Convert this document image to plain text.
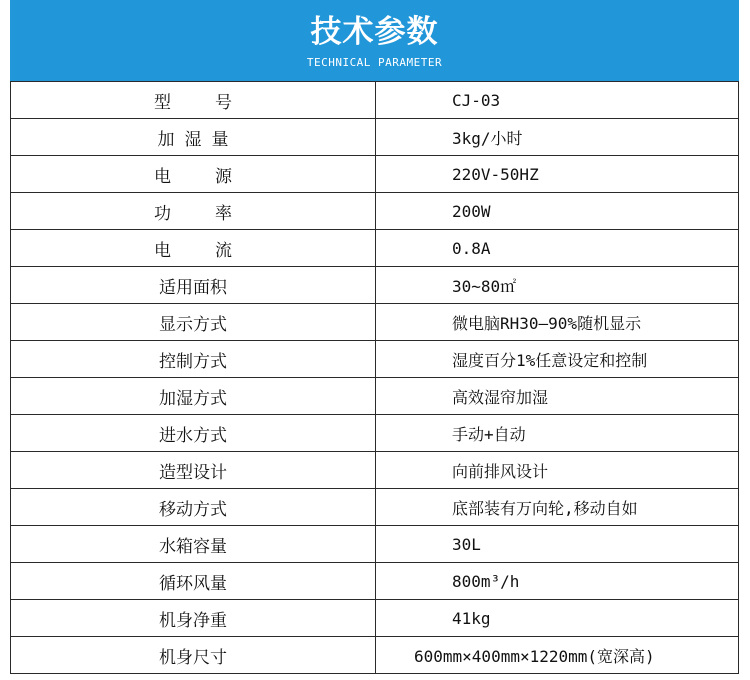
技术参数
TECHNICAL PARAMETER
型号	CJ-03
加湿量	3kg/小时
电源	220V-50HZ
功率	200W
电流	0.8A
适用面积	30~80㎡
显示方式	微电脑RH30—90%随机显示
控制方式	湿度百分1%任意设定和控制
加湿方式	高效湿帘加湿
进水方式	手动+自动
造型设计	向前排风设计
移动方式	底部装有万向轮,移动自如
水箱容量	30L
循环风量	800m³/h
机身净重	41kg
机身尺寸	600mm×400mm×1220mm(宽深高)
